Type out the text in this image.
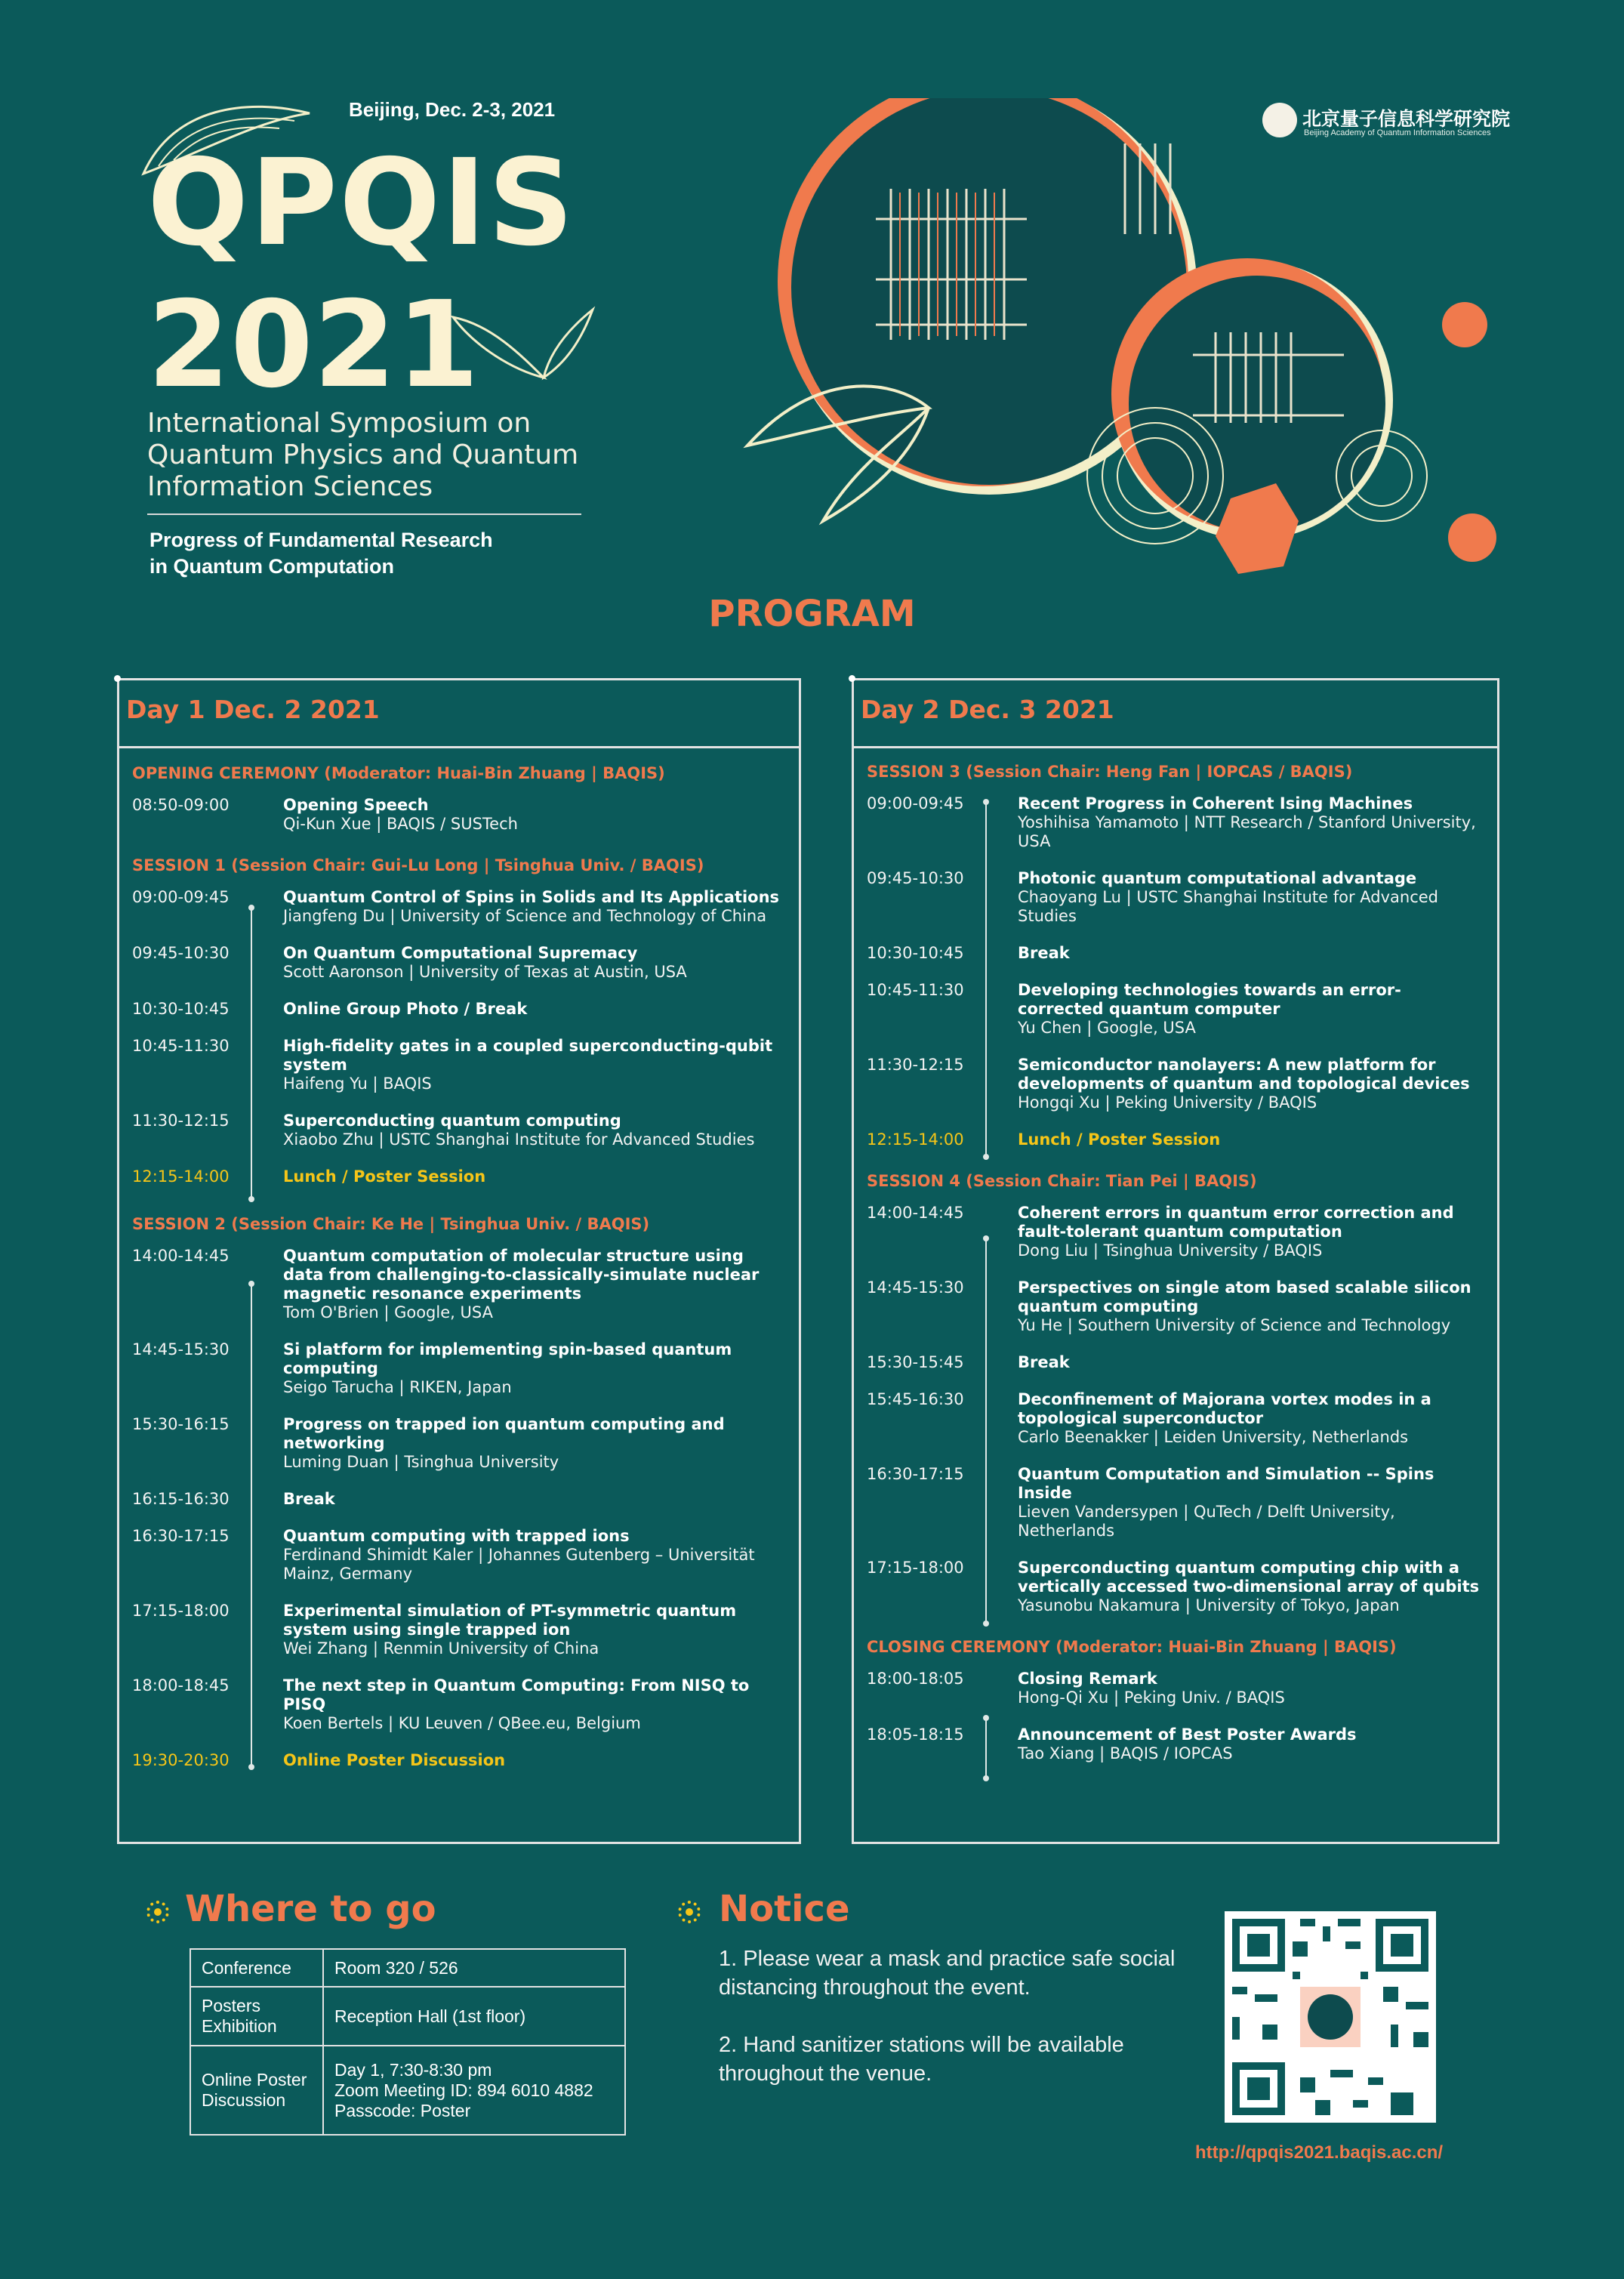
Beijing, Dec. 2-3, 2021
QPQIS
2021
International Symposium on
Quantum Physics and Quantum
Information Sciences
Progress of Fundamental Research
in Quantum Computation
北京量子信息科学研究院
Beijing Academy of Quantum Information Sciences
PROGRAM
Day 1 Dec. 2 2021
OPENING CEREMONY (Moderator: Huai-Bin Zhuang | BAQIS)
08:50-09:00	Opening Speech
Qi-Kun Xue | BAQIS / SUSTech
SESSION 1 (Session Chair: Gui-Lu Long | Tsinghua Univ. / BAQIS)
09:00-09:45	Quantum Control of Spins in Solids and Its Applications
Jiangfeng Du | University of Science and Technology of China
09:45-10:30	On Quantum Computational Supremacy
Scott Aaronson | University of Texas at Austin, USA
10:30-10:45	Online Group Photo / Break
10:45-11:30	High-fidelity gates in a coupled superconducting-qubit system
Haifeng Yu | BAQIS
11:30-12:15	Superconducting quantum computing
Xiaobo Zhu | USTC Shanghai Institute for Advanced Studies
12:15-14:00	Lunch / Poster Session
SESSION 2 (Session Chair: Ke He | Tsinghua Univ. / BAQIS)
14:00-14:45	Quantum computation of molecular structure using data from challenging-to-classically-simulate nuclear magnetic resonance experiments
Tom O'Brien | Google, USA
14:45-15:30	Si platform for implementing spin-based quantum computing
Seigo Tarucha | RIKEN, Japan
15:30-16:15	Progress on trapped ion quantum computing and networking
Luming Duan | Tsinghua University
16:15-16:30	Break
16:30-17:15	Quantum computing with trapped ions
Ferdinand Shimidt Kaler | Johannes Gutenberg – Universität Mainz, Germany
17:15-18:00	Experimental simulation of PT-symmetric quantum system using single trapped ion
Wei Zhang | Renmin University of China
18:00-18:45	The next step in Quantum Computing: From NISQ to PISQ
Koen Bertels | KU Leuven / QBee.eu, Belgium
19:30-20:30	Online Poster Discussion
Day 2 Dec. 3 2021
SESSION 3 (Session Chair: Heng Fan | IOPCAS / BAQIS)
09:00-09:45	Recent Progress in Coherent Ising Machines
Yoshihisa Yamamoto | NTT Research / Stanford University, USA
09:45-10:30	Photonic quantum computational advantage
Chaoyang Lu | USTC Shanghai Institute for Advanced Studies
10:30-10:45	Break
10:45-11:30	Developing technologies towards an error-corrected quantum computer
Yu Chen | Google, USA
11:30-12:15	Semiconductor nanolayers: A new platform for developments of quantum and topological devices
Hongqi Xu | Peking University / BAQIS
12:15-14:00	Lunch / Poster Session
SESSION 4 (Session Chair: Tian Pei | BAQIS)
14:00-14:45	Coherent errors in quantum error correction and fault-tolerant quantum computation
Dong Liu | Tsinghua University / BAQIS
14:45-15:30	Perspectives on single atom based scalable silicon quantum computing
Yu He | Southern University of Science and Technology
15:30-15:45	Break
15:45-16:30	Deconfinement of Majorana vortex modes in a topological superconductor
Carlo Beenakker | Leiden University, Netherlands
16:30-17:15	Quantum Computation and Simulation -- Spins Inside
Lieven Vandersypen | QuTech / Delft University, Netherlands
17:15-18:00	Superconducting quantum computing chip with a vertically accessed two-dimensional array of qubits
Yasunobu Nakamura | University of Tokyo, Japan
CLOSING CEREMONY (Moderator: Huai-Bin Zhuang | BAQIS)
18:00-18:05	Closing Remark
Hong-Qi Xu | Peking Univ. / BAQIS
18:05-18:15	Announcement of Best Poster Awards
Tao Xiang | BAQIS / IOPCAS
Where to go
Conference	Room 320 / 526
Posters Exhibition	Reception Hall (1st floor)
Online Poster Discussion	Day 1, 7:30-8:30 pm
Zoom Meeting ID: 894 6010 4882
Passcode: Poster
Notice

1. Please wear a mask and practice safe social distancing throughout the event.

2. Hand sanitizer stations will be available throughout the venue.

http://qpqis2021.baqis.ac.cn/
